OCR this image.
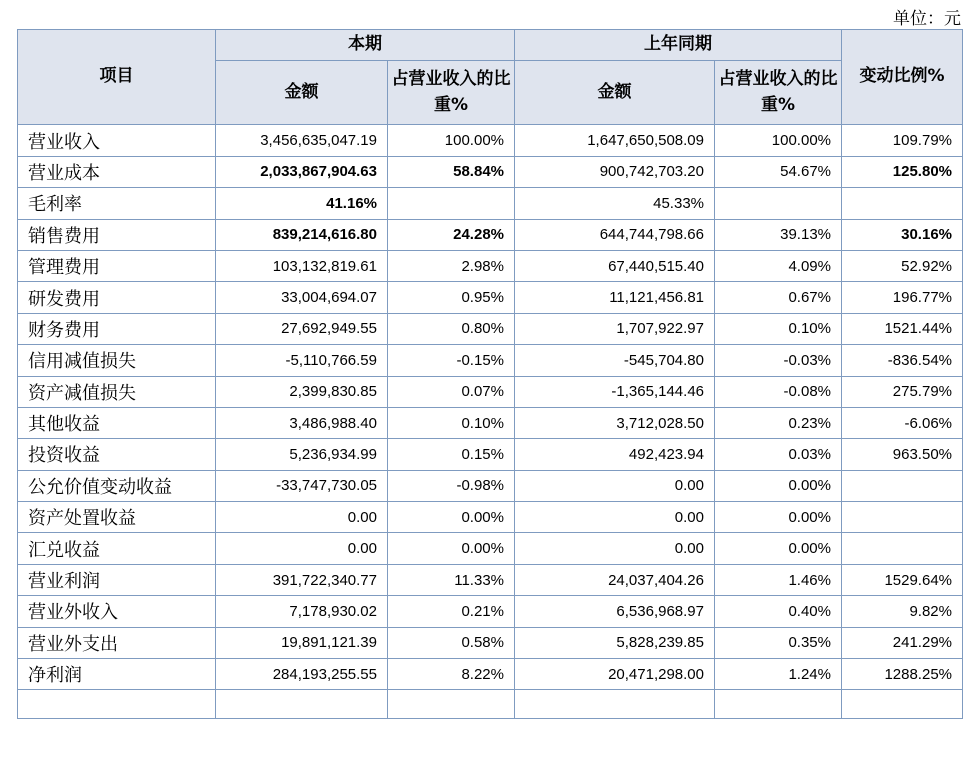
单位：元
项目	本期		上年同期		变动比例%
	金额	占营业收入的比重%	金额	占营业收入的比重%	
营业收入	3,456,635,047.19	100.00%	1,647,650,508.09	100.00%	109.79%
营业成本	2,033,867,904.63	58.84%	900,742,703.20	54.67%	125.80%
毛利率	41.16%		45.33%		
销售费用	839,214,616.80	24.28%	644,744,798.66	39.13%	30.16%
管理费用	103,132,819.61	2.98%	67,440,515.40	4.09%	52.92%
研发费用	33,004,694.07	0.95%	11,121,456.81	0.67%	196.77%
财务费用	27,692,949.55	0.80%	1,707,922.97	0.10%	1521.44%
信用减值损失	-5,110,766.59	-0.15%	-545,704.80	-0.03%	-836.54%
资产减值损失	2,399,830.85	0.07%	-1,365,144.46	-0.08%	275.79%
其他收益	3,486,988.40	0.10%	3,712,028.50	0.23%	-6.06%
投资收益	5,236,934.99	0.15%	492,423.94	0.03%	963.50%
公允价值变动收益	-33,747,730.05	-0.98%	0.00	0.00%	
资产处置收益	0.00	0.00%	0.00	0.00%	
汇兑收益	0.00	0.00%	0.00	0.00%	
营业利润	391,722,340.77	11.33%	24,037,404.26	1.46%	1529.64%
营业外收入	7,178,930.02	0.21%	6,536,968.97	0.40%	9.82%
营业外支出	19,891,121.39	0.58%	5,828,239.85	0.35%	241.29%
净利润	284,193,255.55	8.22%	20,471,298.00	1.24%	1288.25%
